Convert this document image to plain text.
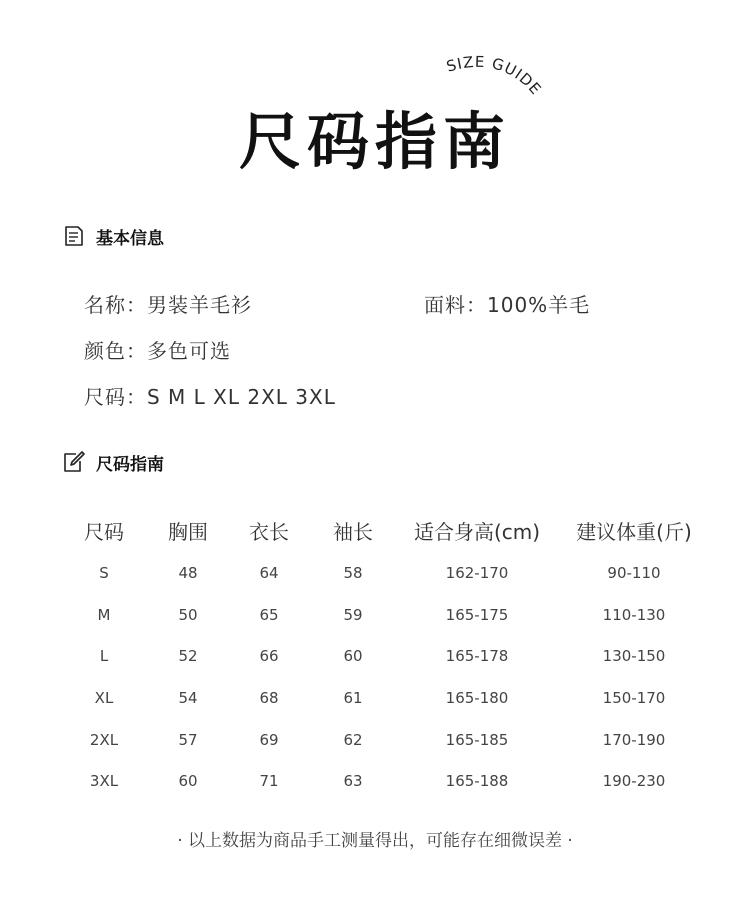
尺码指南
SIZE GUIDE
基本信息
名称：男装羊毛衫	面料：100%羊毛
颜色：多色可选
尺码：S M L XL 2XL 3XL
尺码指南
尺码	胸围	衣长	袖长	适合身高(cm)	建议体重(斤)
S	48	64	58	162-170	90-110
M	50	65	59	165-175	110-130
L	52	66	60	165-178	130-150
XL	54	68	61	165-180	150-170
2XL	57	69	62	165-185	170-190
3XL	60	71	63	165-188	190-230
· 以上数据为商品手工测量得出，可能存在细微误差 ·
